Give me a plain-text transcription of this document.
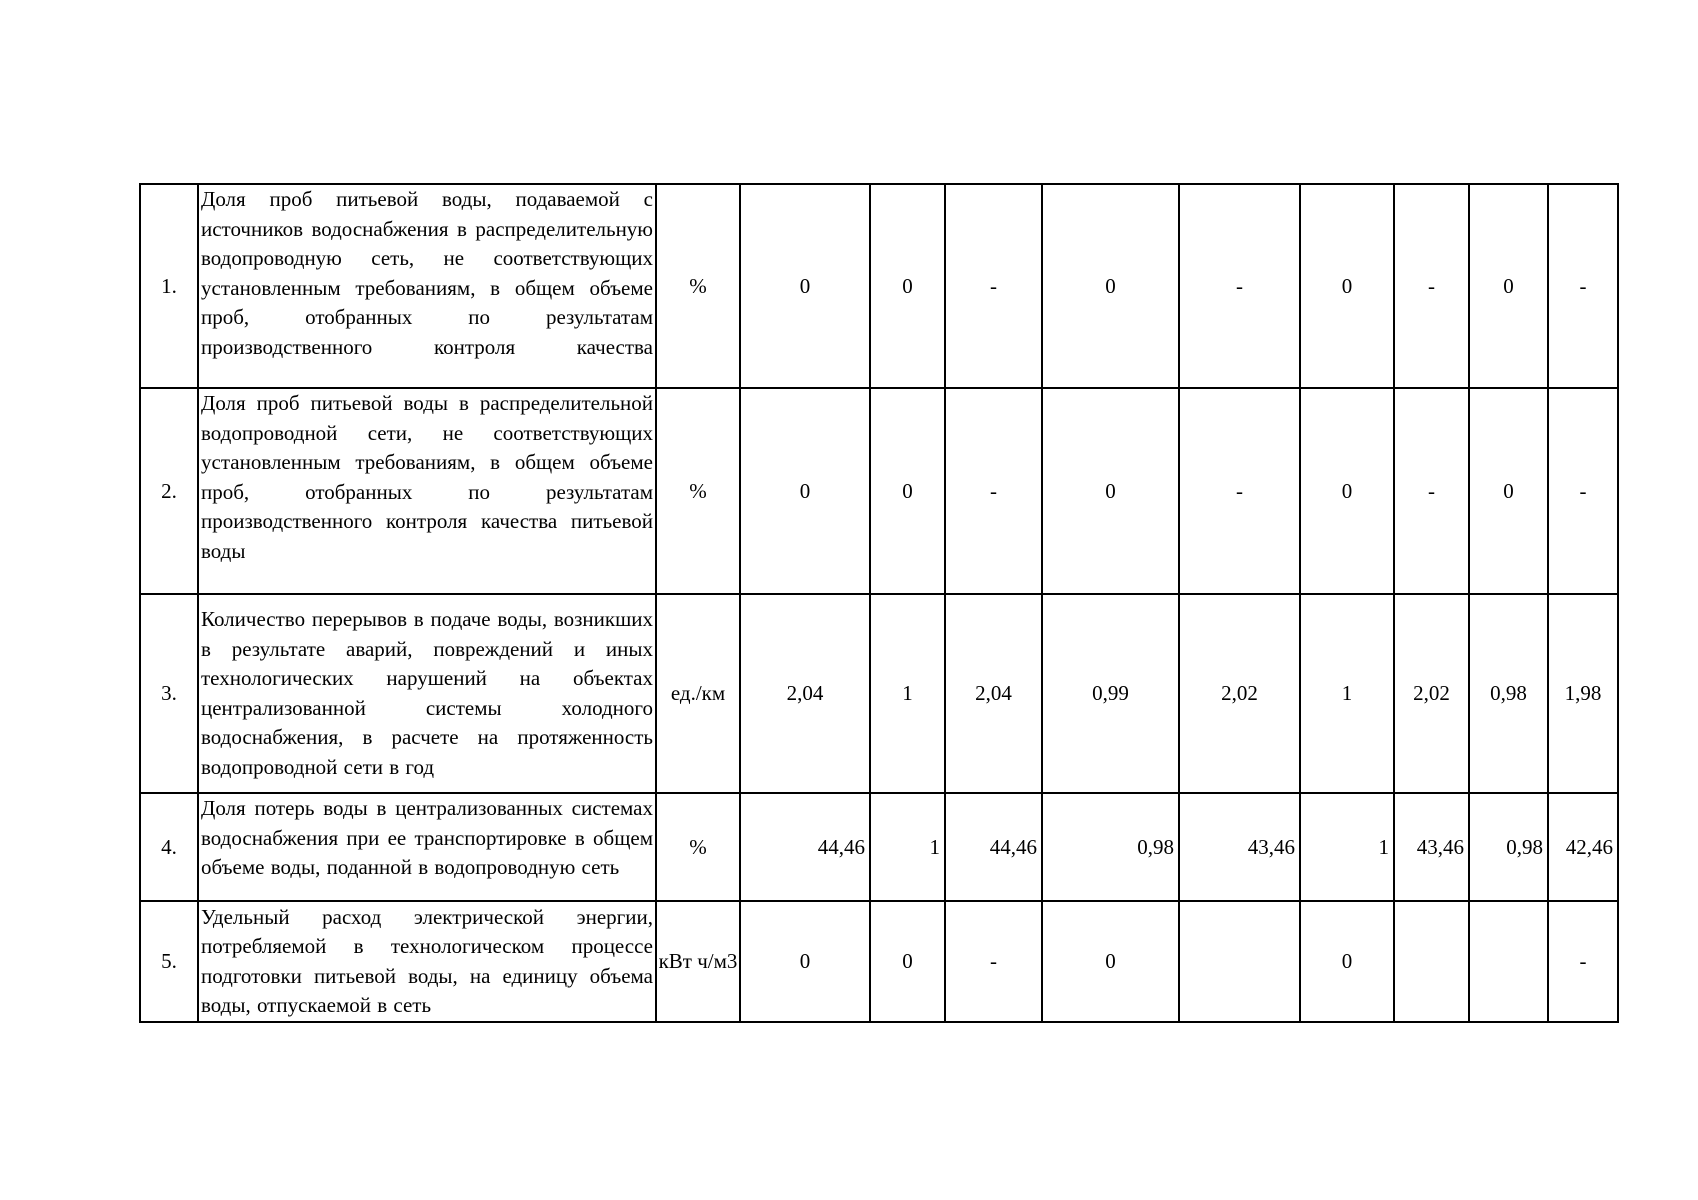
1.	Доля проб питьевой воды, подаваемой с источников водоснабжения в распределительную водопроводную сеть, не соответствующих установленным требованиям, в общем объеме проб, отобранных по результатам производственного контроля качества	%	0	0	-	0	-	0	-	0	-
2.	Доля проб питьевой воды в распределительной водопроводной сети, не соответствующих установленным требованиям, в общем объеме проб, отобранных по результатам производственного контроля качества питьевой воды	%	0	0	-	0	-	0	-	0	-
3.	Количество перерывов в подаче воды, возникших в результате аварий, повреждений и иных технологических нарушений на объектах централизованной системы холодного водоснабжения, в расчете на протяженность водопроводной сети в год	ед./км	2,04	1	2,04	0,99	2,02	1	2,02	0,98	1,98
4.	Доля потерь воды в централизованных системах водоснабжения при ее транспортировке в общем объеме воды, поданной в водопроводную сеть	%	44,46	1	44,46	0,98	43,46	1	43,46	0,98	42,46
5.	Удельный расход электрической энергии, потребляемой в технологическом процессе подготовки питьевой воды, на единицу объема воды, отпускаемой в сеть	кВт ч/м3	0	0	-	0		0			-
